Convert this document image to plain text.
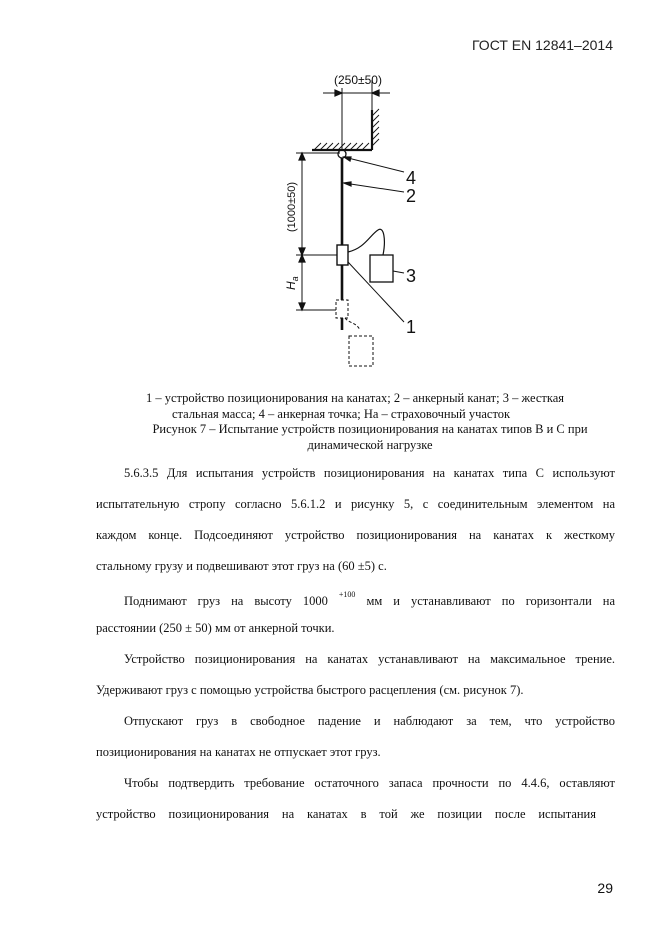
ГОСТ EN 12841–2014
(250±50)
(1000±50)
$H_a$
4
2
3
1
1 – устройство позиционирования на канатах; 2 – анкерный канат; 3 – жесткая
стальная масса; 4 – анкерная точка; Ha – страховочный участок
Рисунок 7 – Испытание устройств позиционирования на канатах типов B и C при
динамической нагрузке
5.6.3.5 Для испытания устройств позиционирования на канатах типа С используют
испытательную стропу согласно 5.6.1.2 и рисунку 5, с соединительным элементом на
каждом конце. Подсоединяют устройство позиционирования на канатах к жесткому
стальному грузу и подвешивают этот груз на (60 ±5) с.
Поднимают груз на высоту 1000 $^{+100}$ мм и устанавливают по горизонтали на
расстоянии (250 ± 50) мм от анкерной точки.
Устройство позиционирования на канатах устанавливают на максимальное трение.
Удерживают груз с помощью устройства быстрого расцепления (см. рисунок 7).
Отпускают груз в свободное падение и наблюдают за тем, что устройство
позиционирования на канатах не отпускает этот груз.
Чтобы подтвердить требование остаточного запаса прочности по 4.4.6, оставляют
устройство позиционирования на канатах в той же позиции после испытания
29
